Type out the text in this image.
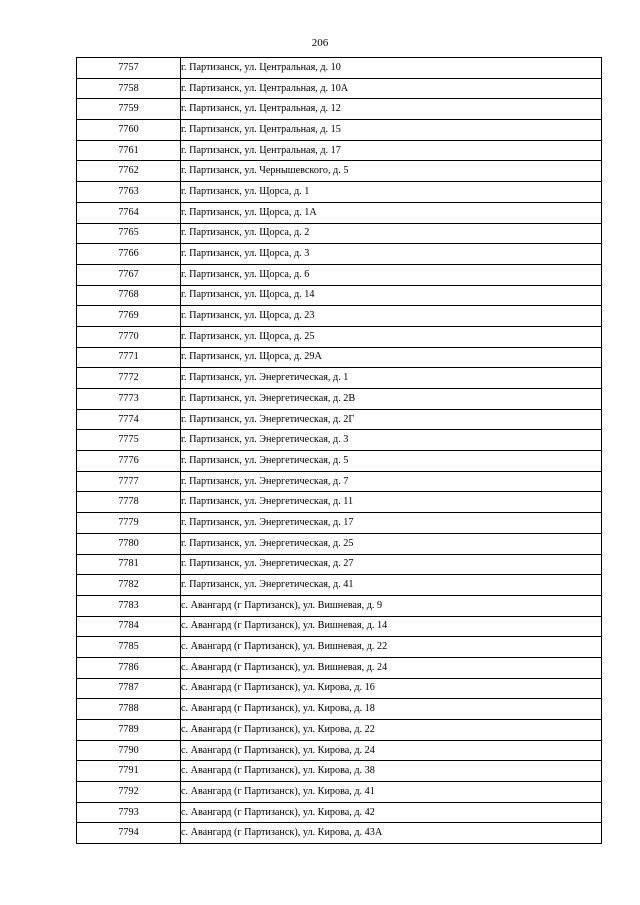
206
7757	г. Партизанск, ул. Центральная, д. 10
7758	г. Партизанск, ул. Центральная, д. 10А
7759	г. Партизанск, ул. Центральная, д. 12
7760	г. Партизанск, ул. Центральная, д. 15
7761	г. Партизанск, ул. Центральная, д. 17
7762	г. Партизанск, ул. Чернышевского, д. 5
7763	г. Партизанск, ул. Щорса, д. 1
7764	г. Партизанск, ул. Щорса, д. 1А
7765	г. Партизанск, ул. Щорса, д. 2
7766	г. Партизанск, ул. Щорса, д. 3
7767	г. Партизанск, ул. Щорса, д. 6
7768	г. Партизанск, ул. Щорса, д. 14
7769	г. Партизанск, ул. Щорса, д. 23
7770	г. Партизанск, ул. Щорса, д. 25
7771	г. Партизанск, ул. Щорса, д. 29А
7772	г. Партизанск, ул. Энергетическая, д. 1
7773	г. Партизанск, ул. Энергетическая, д. 2В
7774	г. Партизанск, ул. Энергетическая, д. 2Г
7775	г. Партизанск, ул. Энергетическая, д. 3
7776	г. Партизанск, ул. Энергетическая, д. 5
7777	г. Партизанск, ул. Энергетическая, д. 7
7778	г. Партизанск, ул. Энергетическая, д. 11
7779	г. Партизанск, ул. Энергетическая, д. 17
7780	г. Партизанск, ул. Энергетическая, д. 25
7781	г. Партизанск, ул. Энергетическая, д. 27
7782	г. Партизанск, ул. Энергетическая, д. 41
7783	с. Авангард (г Партизанск), ул. Вишневая, д. 9
7784	с. Авангард (г Партизанск), ул. Вишневая, д. 14
7785	с. Авангард (г Партизанск), ул. Вишневая, д. 22
7786	с. Авангард (г Партизанск), ул. Вишневая, д. 24
7787	с. Авангард (г Партизанск), ул. Кирова, д. 16
7788	с. Авангард (г Партизанск), ул. Кирова, д. 18
7789	с. Авангард (г Партизанск), ул. Кирова, д. 22
7790	с. Авангард (г Партизанск), ул. Кирова, д. 24
7791	с. Авангард (г Партизанск), ул. Кирова, д. 38
7792	с. Авангард (г Партизанск), ул. Кирова, д. 41
7793	с. Авангард (г Партизанск), ул. Кирова, д. 42
7794	с. Авангард (г Партизанск), ул. Кирова, д. 43А
